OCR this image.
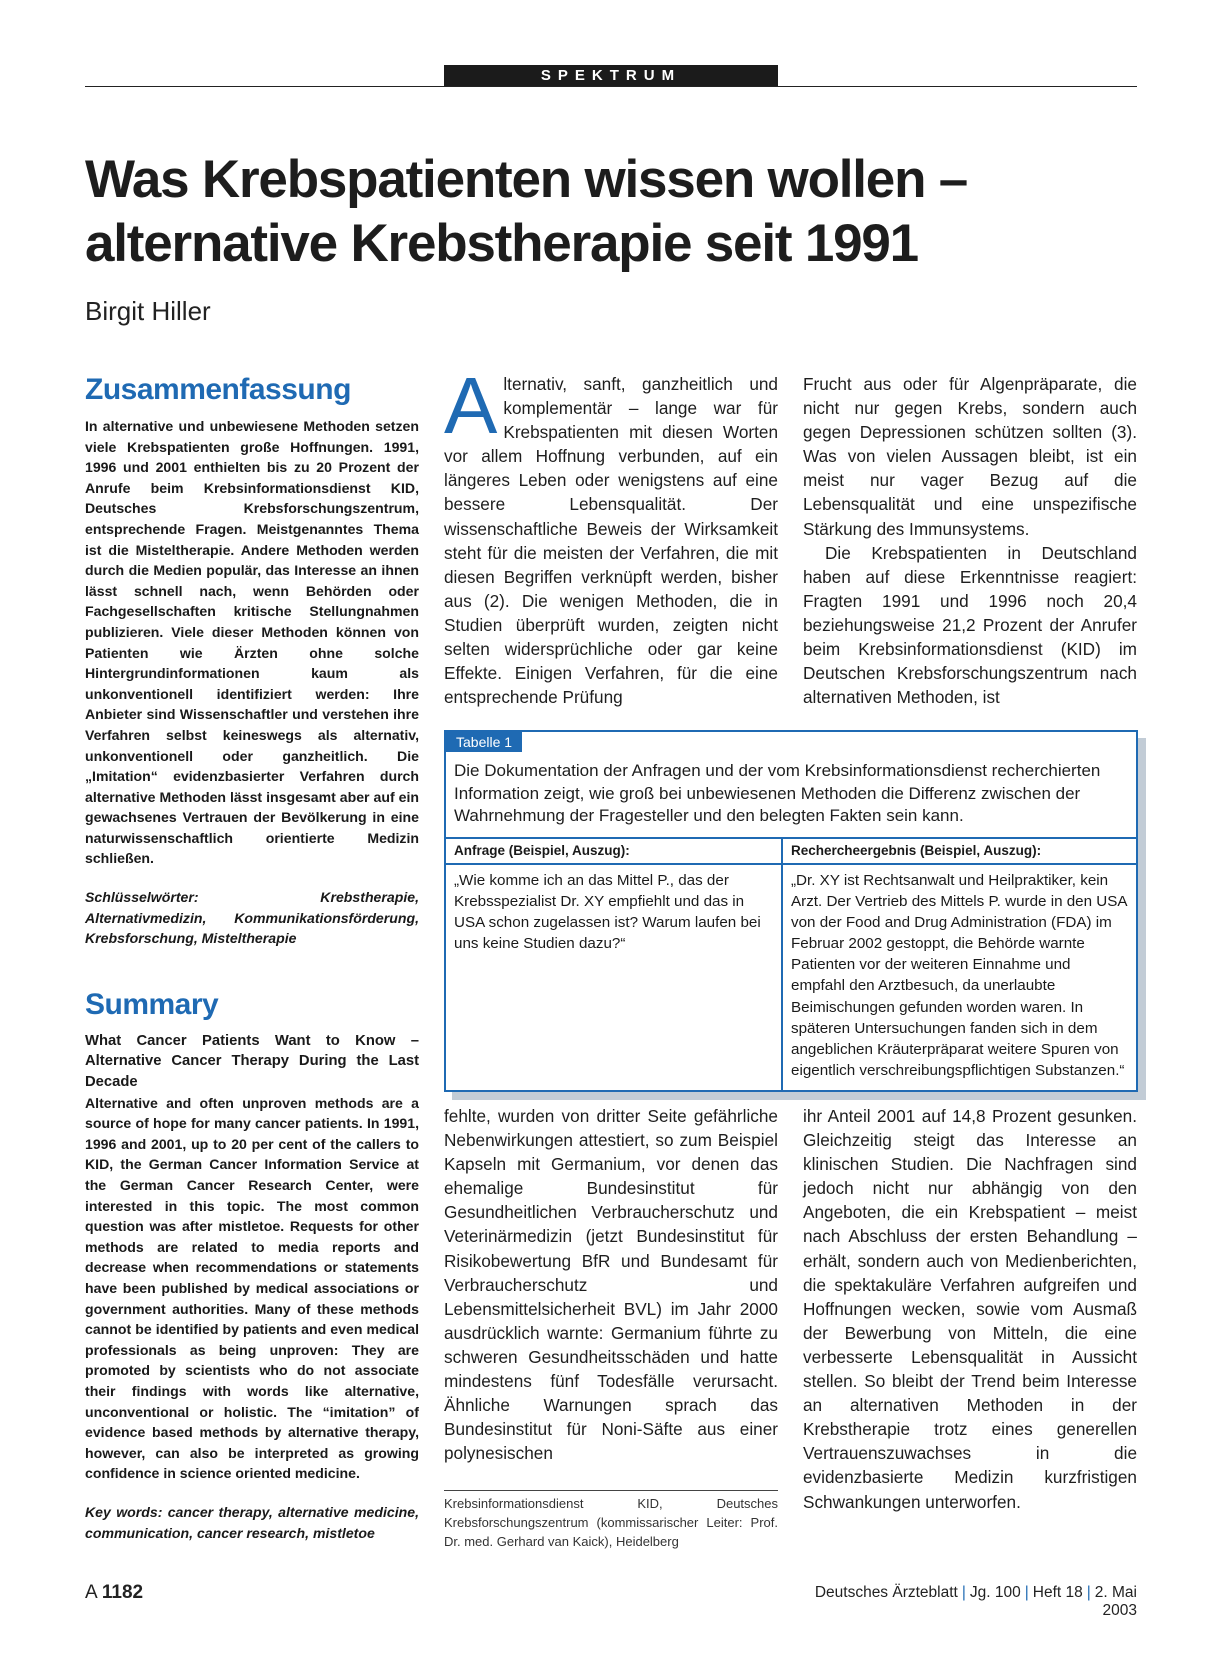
SPEKTRUM
Was Krebspatienten wissen wollen –
alternative Krebstherapie seit 1991
Birgit Hiller
Zusammenfassung

In alternative und unbewiesene Methoden setzen viele Krebspatienten große Hoffnungen. 1991, 1996 und 2001 enthielten bis zu 20 Prozent der Anrufe beim Krebsinformationsdienst KID, Deutsches Krebsforschungszentrum, entsprechende Fragen. Meistgenanntes Thema ist die Misteltherapie. Andere Methoden werden durch die Medien populär, das Interesse an ihnen lässt schnell nach, wenn Behörden oder Fachgesellschaften kritische Stellungnahmen publizieren. Viele dieser Methoden können von Patienten wie Ärzten ohne solche Hintergrundinformationen kaum als unkonventionell identifiziert werden: Ihre Anbieter sind Wissenschaftler und verstehen ihre Verfahren selbst keineswegs als alternativ, unkonventionell oder ganzheitlich. Die „Imitation“ evidenzbasierter Verfahren durch alternative Methoden lässt insgesamt aber auf ein gewachsenes Vertrauen der Bevölkerung in eine naturwissenschaftlich orientierte Medizin schließen.

Schlüsselwörter: Krebstherapie, Alternativmedizin, Kommunikationsförderung, Krebsforschung, Misteltherapie

Summary

What Cancer Patients Want to Know – Alternative Cancer Therapy During the Last Decade

Alternative and often unproven methods are a source of hope for many cancer patients. In 1991, 1996 and 2001, up to 20 per cent of the callers to KID, the German Cancer Information Service at the German Cancer Research Center, were interested in this topic. The most common question was after mistletoe. Requests for other methods are related to media reports and decrease when recommendations or statements have been published by medical associations or government authorities. Many of these methods cannot be identified by patients and even medical professionals as being unproven: They are promoted by scientists who do not associate their findings with words like alternative, unconventional or holistic. The “imitation” of evidence based methods by alternative therapy, however, can also be interpreted as growing confidence in science oriented medicine.

Key words: cancer therapy, alternative medicine, communication, cancer research, mistletoe

Alternativ, sanft, ganzheitlich und komplementär – lange war für Krebspatienten mit diesen Worten vor allem Hoffnung verbunden, auf ein längeres Leben oder wenigstens auf eine bessere Lebensqualität. Der wissenschaftliche Beweis der Wirksamkeit steht für die meisten der Verfahren, die mit diesen Begriffen verknüpft werden, bisher aus (2). Die wenigen Methoden, die in Studien überprüft wurden, zeigten nicht selten widersprüchliche oder gar keine Effekte. Einigen Verfahren, für die eine entsprechende Prüfung

Frucht aus oder für Algenpräparate, die nicht nur gegen Krebs, sondern auch gegen Depressionen schützen sollten (3). Was von vielen Aussagen bleibt, ist ein meist nur vager Bezug auf die Lebensqualität und eine unspezifische Stärkung des Immunsystems.

Die Krebspatienten in Deutschland haben auf diese Erkenntnisse reagiert: Fragten 1991 und 1996 noch 20,4 beziehungsweise 21,2 Prozent der Anrufer beim Krebsinformationsdienst (KID) im Deutschen Krebsforschungszentrum nach alternativen Methoden, ist

Tabelle 1

Die Dokumentation der Anfragen und der vom Krebsinformationsdienst recherchierten Information zeigt, wie groß bei unbewiesenen Methoden die Differenz zwischen der Wahrnehmung der Fragesteller und den belegten Fakten sein kann.

Anfrage (Beispiel, Auszug):	Rechercheergebnis (Beispiel, Auszug):

„Wie komme ich an das Mittel P., das der Krebsspezialist Dr. XY empfiehlt und das in USA schon zugelassen ist? Warum laufen bei uns keine Studien dazu?“

„Dr. XY ist Rechtsanwalt und Heilpraktiker, kein Arzt. Der Vertrieb des Mittels P. wurde in den USA von der Food and Drug Administration (FDA) im Februar 2002 gestoppt, die Behörde warnte Patienten vor der weiteren Einnahme und empfahl den Arztbesuch, da unerlaubte Beimischungen gefunden worden waren. In späteren Untersuchungen fanden sich in dem angeblichen Kräuterpräparat weitere Spuren von eigentlich verschreibungspflichtigen Substanzen.“

fehlte, wurden von dritter Seite gefährliche Nebenwirkungen attestiert, so zum Beispiel Kapseln mit Germanium, vor denen das ehemalige Bundesinstitut für Gesundheitlichen Verbraucherschutz und Veterinärmedizin (jetzt Bundesinstitut für Risikobewertung BfR und Bundesamt für Verbraucherschutz und Lebensmittelsicherheit BVL) im Jahr 2000 ausdrücklich warnte: Germanium führte zu schweren Gesundheitsschäden und hatte mindestens fünf Todesfälle verursacht. Ähnliche Warnungen sprach das Bundesinstitut für Noni-Säfte aus einer polynesischen

ihr Anteil 2001 auf 14,8 Prozent gesunken. Gleichzeitig steigt das Interesse an klinischen Studien. Die Nachfragen sind jedoch nicht nur abhängig von den Angeboten, die ein Krebspatient – meist nach Abschluss der ersten Behandlung – erhält, sondern auch von Medienberichten, die spektakuläre Verfahren aufgreifen und Hoffnungen wecken, sowie vom Ausmaß der Bewerbung von Mitteln, die eine verbesserte Lebensqualität in Aussicht stellen. So bleibt der Trend beim Interesse an alternativen Methoden in der Krebstherapie trotz eines generellen Vertrauenszuwachses in die evidenzbasierte Medizin kurzfristigen Schwankungen unterworfen.

Krebsinformationsdienst KID, Deutsches Krebsforschungszentrum (kommissarischer Leiter: Prof. Dr. med. Gerhard van Kaick), Heidelberg

A 1182	Deutsches Ärzteblatt | Jg. 100 | Heft 18 | 2. Mai 2003
